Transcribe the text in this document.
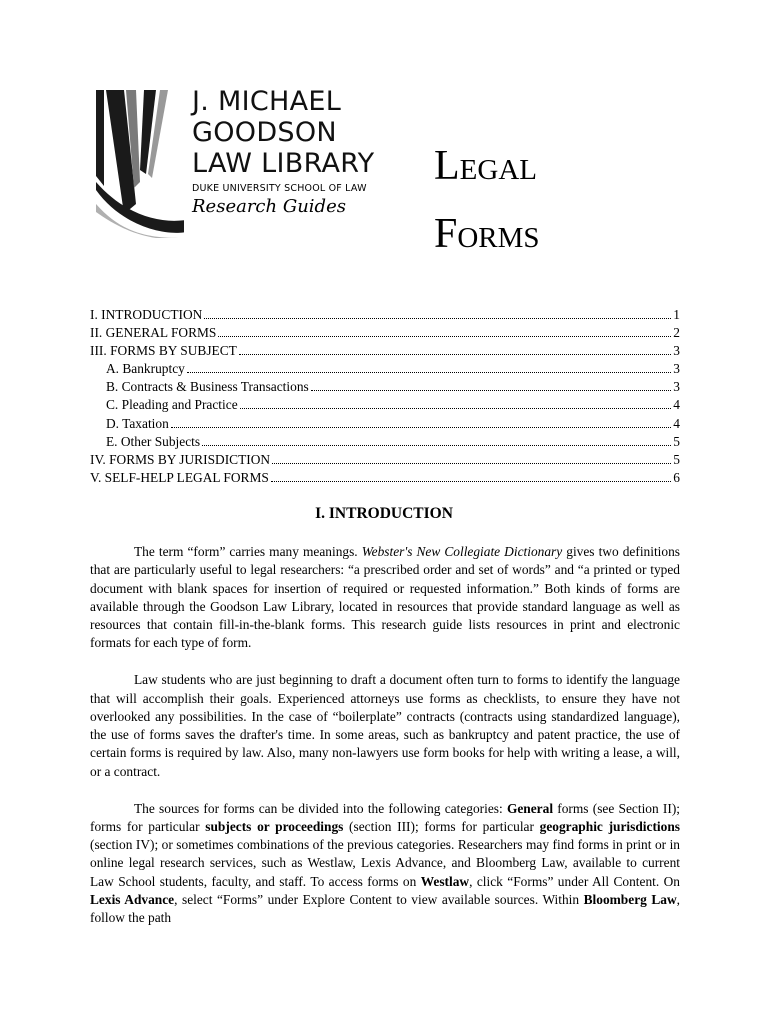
J. MICHAEL
GOODSON
LAW LIBRARY
DUKE UNIVERSITY SCHOOL OF LAW
Research Guides
Legal
Forms
I. INTRODUCTION	1
II. GENERAL FORMS	2
III. FORMS BY SUBJECT	3
A. Bankruptcy	3
B. Contracts & Business Transactions	3
C. Pleading and Practice	4
D. Taxation	4
E. Other Subjects	5
IV. FORMS BY JURISDICTION	5
V. SELF-HELP LEGAL FORMS	6
I. INTRODUCTION

The term “form” carries many meanings. Webster's New Collegiate Dictionary gives two definitions that are particularly useful to legal researchers: “a prescribed order and set of words” and “a printed or typed document with blank spaces for insertion of required or requested information.” Both kinds of forms are available through the Goodson Law Library, located in resources that provide standard language as well as resources that contain fill-in-the-blank forms. This research guide lists resources in print and electronic formats for each type of form.

Law students who are just beginning to draft a document often turn to forms to identify the language that will accomplish their goals. Experienced attorneys use forms as checklists, to ensure they have not overlooked any possibilities. In the case of “boilerplate” contracts (contracts using standardized language), the use of forms saves the drafter's time. In some areas, such as bankruptcy and patent practice, the use of certain forms is required by law. Also, many non-lawyers use form books for help with writing a lease, a will, or a contract.

The sources for forms can be divided into the following categories: General forms (see Section II); forms for particular subjects or proceedings (section III); forms for particular geographic jurisdictions (section IV); or sometimes combinations of the previous categories. Researchers may find forms in print or in online legal research services, such as Westlaw, Lexis Advance, and Bloomberg Law, available to current Law School students, faculty, and staff. To access forms on Westlaw, click “Forms” under All Content. On Lexis Advance, select “Forms” under Explore Content to view available sources. Within Bloomberg Law, follow the path
